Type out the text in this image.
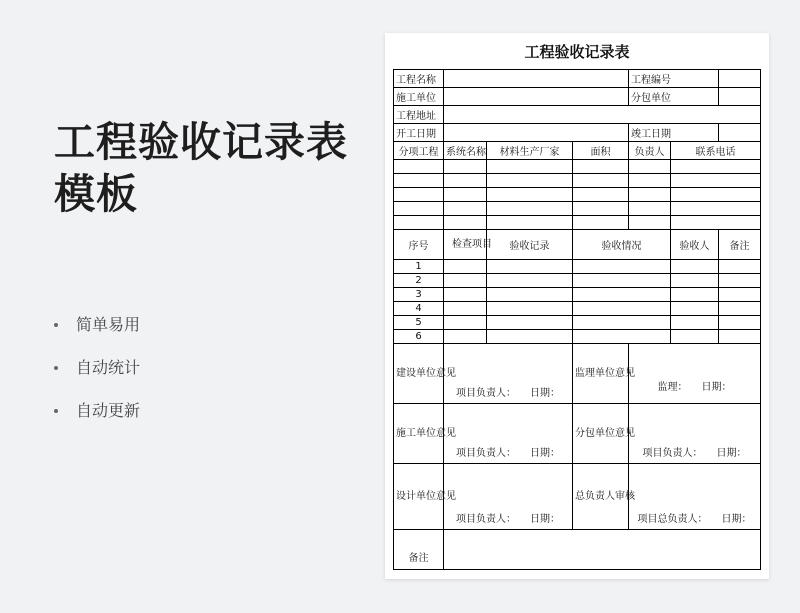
工程验收记录表模板
简单易用
自动统计
自动更新
工程验收记录表
工程名称				工程编号		
施工单位				分包单位		
工程地址						
开工日期				竣工日期		
分项工程	系统名称	材料生产厂家	面积	负责人	联系电话	

序号	检查项目	验收记录	验收情况		验收人	备注
1						
2						
3						
4						
5						
6						
建设单位意见	项目负责人： 日期：		监理单位意见	监理： 日期：		

施工单位意见	项目负责人： 日期：		分包单位意见	项目负责人： 日期：		

设计单位意见	项目负责人： 日期：		总负责人审核	项目总负责人： 日期：		

备注						
